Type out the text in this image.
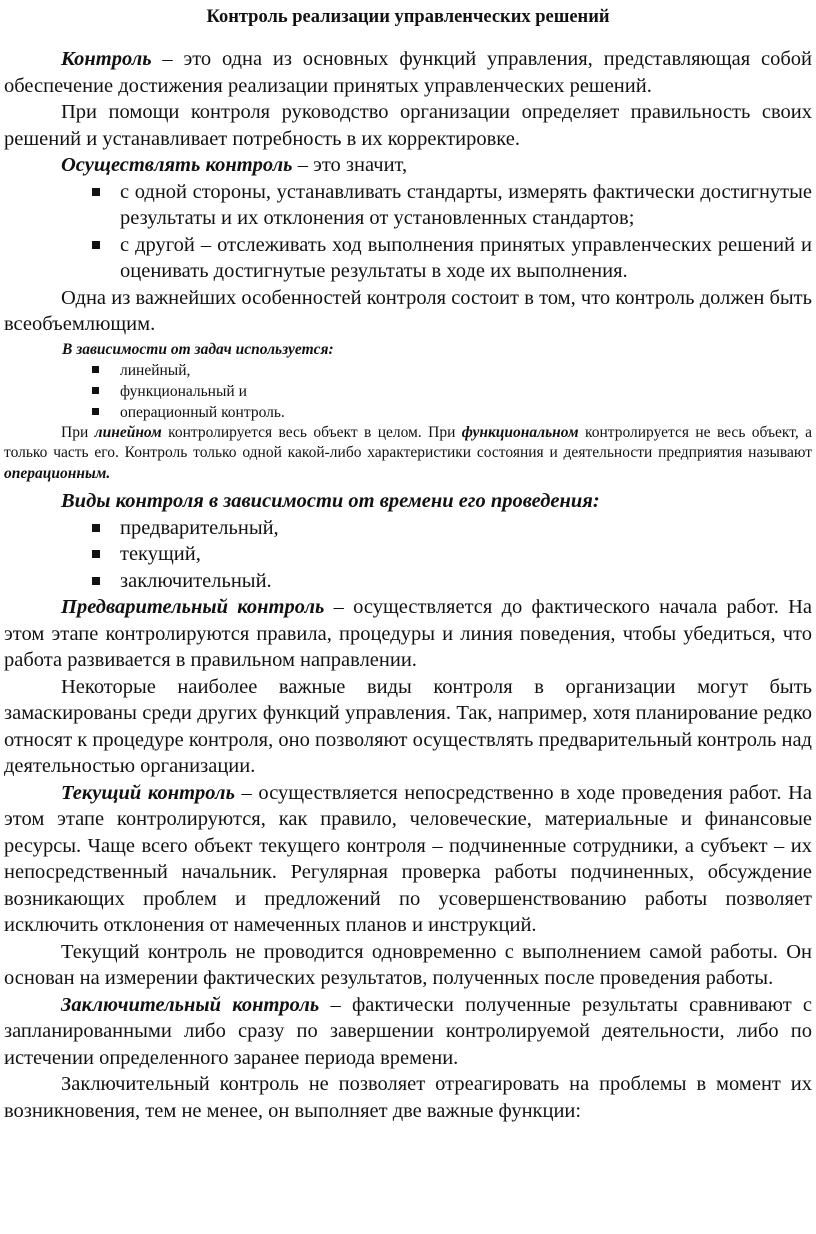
Контроль реализации управленческих решений

Контроль – это одна из основных функций управления, представляющая собой обеспечение достижения реализации принятых управленческих решений.

При помощи контроля руководство организации определяет правильность своих решений и устанавливает потребность в их корректировке.

Осуществлять контроль – это значит,

с одной стороны, устанавливать стандарты, измерять фактически достигнутые результаты и их отклонения от установленных стандартов;
с другой – отслеживать ход выполнения принятых управленческих решений и оценивать достигнутые результаты в ходе их выполнения.

Одна из важнейших особенностей контроля состоит в том, что контроль должен быть всеобъемлющим.

В зависимости от задач используется:
линейный,
функциональный и
операционный контроль.

При линейном контролируется весь объект в целом. При функциональном контролируется не весь объект, а только часть его. Контроль только одной какой-либо характеристики состояния и деятельности предприятия называют операционным.

Виды контроля в зависимости от времени его проведения:
предварительный,
текущий,
заключительный.

Предварительный контроль – осуществляется до фактического начала работ. На этом этапе контролируются правила, процедуры и линия поведения, чтобы убедиться, что работа развивается в правильном направлении.

Некоторые наиболее важные виды контроля в организации могут быть замаскированы среди других функций управления. Так, например, хотя планирование редко относят к процедуре контроля, оно позволяют осуществлять предварительный контроль над деятельностью организации.

Текущий контроль – осуществляется непосредственно в ходе проведения работ. На этом этапе контролируются, как правило, человеческие, материальные и финансовые ресурсы. Чаще всего объект текущего контроля – подчиненные сотрудники, а субъект – их непосредственный начальник. Регулярная проверка работы подчиненных, обсуждение возникающих проблем и предложений по усовершенствованию работы позволяет исключить отклонения от намеченных планов и инструкций.

Текущий контроль не проводится одновременно с выполнением самой работы. Он основан на измерении фактических результатов, полученных после проведения работы.

Заключительный контроль – фактически полученные результаты сравнивают с запланированными либо сразу по завершении контролируемой деятельности, либо по истечении определенного заранее периода времени.

Заключительный контроль не позволяет отреагировать на проблемы в момент их возникновения, тем не менее, он выполняет две важные функции:
